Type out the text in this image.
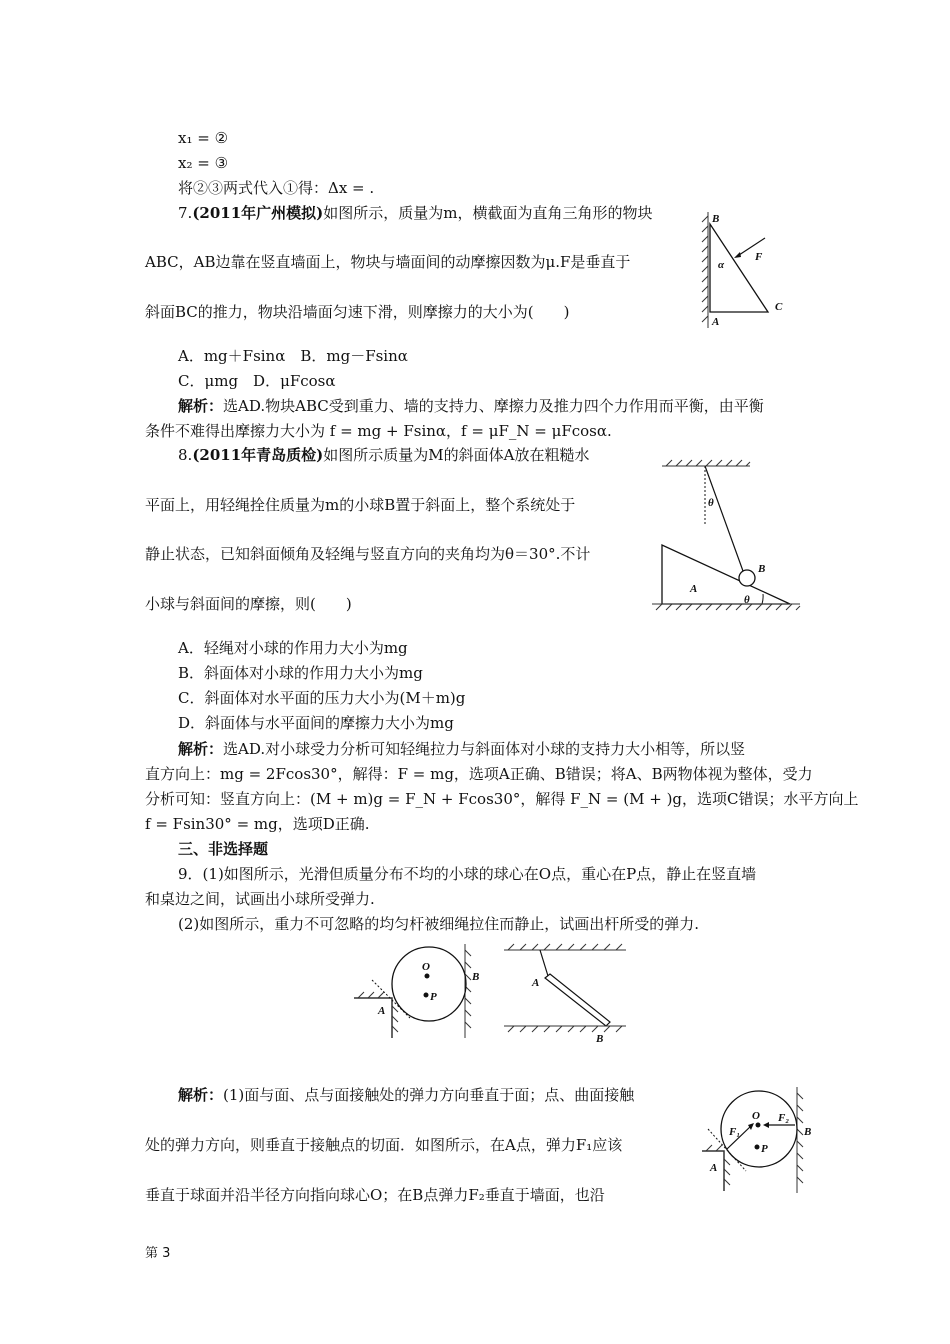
x₁ = ②
x₂ = ③
将②③两式代入①得：Δx = .
7.(2011年广州模拟)如图所示，质量为m，横截面为直角三角形的物块
ABC，AB边靠在竖直墙面上，物块与墙面间的动摩擦因数为μ.F是垂直于
斜面BC的推力，物块沿墙面匀速下滑，则摩擦力的大小为(　　)
A．mg＋Fsinα　B．mg－Fsinα
C．μmg　D．μFcosα
解析：选AD.物块ABC受到重力、墙的支持力、摩擦力及推力四个力作用而平衡，由平衡
条件不难得出摩擦力大小为 f = mg + Fsinα，f = μF_N = μFcosα.
B
A
C
α
F
8.(2011年青岛质检)如图所示质量为M的斜面体A放在粗糙水
平面上，用轻绳拴住质量为m的小球B置于斜面上，整个系统处于
静止状态，已知斜面倾角及轻绳与竖直方向的夹角均为θ＝30°.不计
小球与斜面间的摩擦，则(　　)
A．轻绳对小球的作用力大小为mg
B．斜面体对小球的作用力大小为mg
C．斜面体对水平面的压力大小为(M＋m)g
D．斜面体与水平面间的摩擦力大小为mg
解析：选AD.对小球受力分析可知轻绳拉力与斜面体对小球的支持力大小相等，所以竖
直方向上：mg = 2Fcos30°，解得：F = mg，选项A正确、B错误；将A、B两物体视为整体，受力
分析可知：竖直方向上：(M + m)g = F_N + Fcos30°，解得 F_N = (M + )g，选项C错误；水平方向上
f = Fsin30° = mg，选项D正确.
θ
B
A
θ
三、非选择题
9．(1)如图所示，光滑但质量分布不均的小球的球心在O点，重心在P点，静止在竖直墙
和桌边之间，试画出小球所受弹力.
(2)如图所示，重力不可忽略的均匀杆被细绳拉住而静止，试画出杆所受的弹力.
O
P
A
B	A
B
解析：(1)面与面、点与面接触处的弹力方向垂直于面；点、曲面接触
处的弹力方向，则垂直于接触点的切面．如图所示，在A点，弹力F₁应该
垂直于球面并沿半径方向指向球心O；在B点弹力F₂垂直于墙面，也沿
O
P
A
B
F₁
F₂
第 3
